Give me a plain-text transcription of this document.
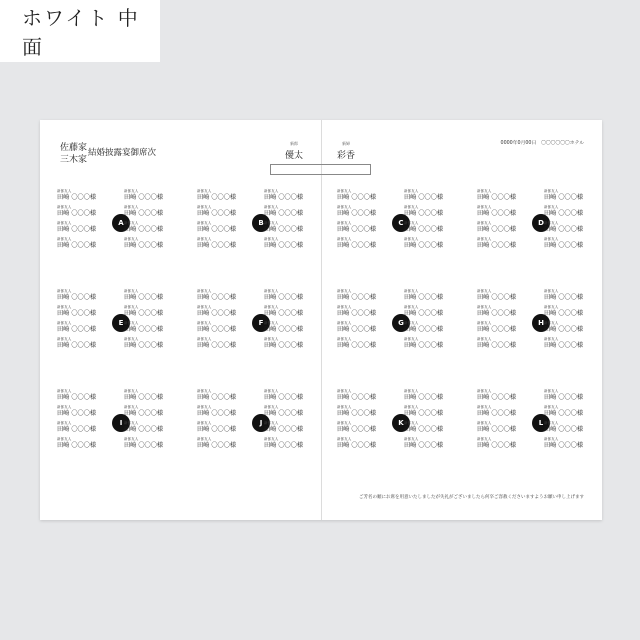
ホワイト 中面
佐藤家
三木家
結婚披露宴御席次
新郎
優太
新婦
彩香
0000年0月00日　〇〇〇〇〇〇ホテル
A
新郎友人
田崎 〇〇〇様
新郎友人
田崎 〇〇〇様
新郎友人
田崎 〇〇〇様
新郎友人
田崎 〇〇〇様
新郎友人
田崎 〇〇〇様
新郎友人
田崎 〇〇〇様
新郎友人
田崎 〇〇〇様
新郎友人
田崎 〇〇〇様
B
新郎友人
田崎 〇〇〇様
新郎友人
田崎 〇〇〇様
新郎友人
田崎 〇〇〇様
新郎友人
田崎 〇〇〇様
新郎友人
田崎 〇〇〇様
新郎友人
田崎 〇〇〇様
新郎友人
田崎 〇〇〇様
新郎友人
田崎 〇〇〇様
C
新郎友人
田崎 〇〇〇様
新郎友人
田崎 〇〇〇様
新郎友人
田崎 〇〇〇様
新郎友人
田崎 〇〇〇様
新郎友人
田崎 〇〇〇様
新郎友人
田崎 〇〇〇様
新郎友人
田崎 〇〇〇様
新郎友人
田崎 〇〇〇様
D
新郎友人
田崎 〇〇〇様
新郎友人
田崎 〇〇〇様
新郎友人
田崎 〇〇〇様
新郎友人
田崎 〇〇〇様
新郎友人
田崎 〇〇〇様
新郎友人
田崎 〇〇〇様
新郎友人
田崎 〇〇〇様
新郎友人
田崎 〇〇〇様
E
新郎友人
田崎 〇〇〇様
新郎友人
田崎 〇〇〇様
新郎友人
田崎 〇〇〇様
新郎友人
田崎 〇〇〇様
新郎友人
田崎 〇〇〇様
新郎友人
田崎 〇〇〇様
新郎友人
田崎 〇〇〇様
新郎友人
田崎 〇〇〇様
F
新郎友人
田崎 〇〇〇様
新郎友人
田崎 〇〇〇様
新郎友人
田崎 〇〇〇様
新郎友人
田崎 〇〇〇様
新郎友人
田崎 〇〇〇様
新郎友人
田崎 〇〇〇様
新郎友人
田崎 〇〇〇様
新郎友人
田崎 〇〇〇様
G
新郎友人
田崎 〇〇〇様
新郎友人
田崎 〇〇〇様
新郎友人
田崎 〇〇〇様
新郎友人
田崎 〇〇〇様
新郎友人
田崎 〇〇〇様
新郎友人
田崎 〇〇〇様
新郎友人
田崎 〇〇〇様
新郎友人
田崎 〇〇〇様
H
新郎友人
田崎 〇〇〇様
新郎友人
田崎 〇〇〇様
新郎友人
田崎 〇〇〇様
新郎友人
田崎 〇〇〇様
新郎友人
田崎 〇〇〇様
新郎友人
田崎 〇〇〇様
新郎友人
田崎 〇〇〇様
新郎友人
田崎 〇〇〇様
I
新郎友人
田崎 〇〇〇様
新郎友人
田崎 〇〇〇様
新郎友人
田崎 〇〇〇様
新郎友人
田崎 〇〇〇様
新郎友人
田崎 〇〇〇様
新郎友人
田崎 〇〇〇様
新郎友人
田崎 〇〇〇様
新郎友人
田崎 〇〇〇様
J
新郎友人
田崎 〇〇〇様
新郎友人
田崎 〇〇〇様
新郎友人
田崎 〇〇〇様
新郎友人
田崎 〇〇〇様
新郎友人
田崎 〇〇〇様
新郎友人
田崎 〇〇〇様
新郎友人
田崎 〇〇〇様
新郎友人
田崎 〇〇〇様
K
新郎友人
田崎 〇〇〇様
新郎友人
田崎 〇〇〇様
新郎友人
田崎 〇〇〇様
新郎友人
田崎 〇〇〇様
新郎友人
田崎 〇〇〇様
新郎友人
田崎 〇〇〇様
新郎友人
田崎 〇〇〇様
新郎友人
田崎 〇〇〇様
L
新郎友人
田崎 〇〇〇様
新郎友人
田崎 〇〇〇様
新郎友人
田崎 〇〇〇様
新郎友人
田崎 〇〇〇様
新郎友人
田崎 〇〇〇様
新郎友人
田崎 〇〇〇様
新郎友人
田崎 〇〇〇様
新郎友人
田崎 〇〇〇様
ご芳名の順にお席を用意いたしましたが失礼がございましたら何卒ご容赦くださいますようお願い申し上げます
